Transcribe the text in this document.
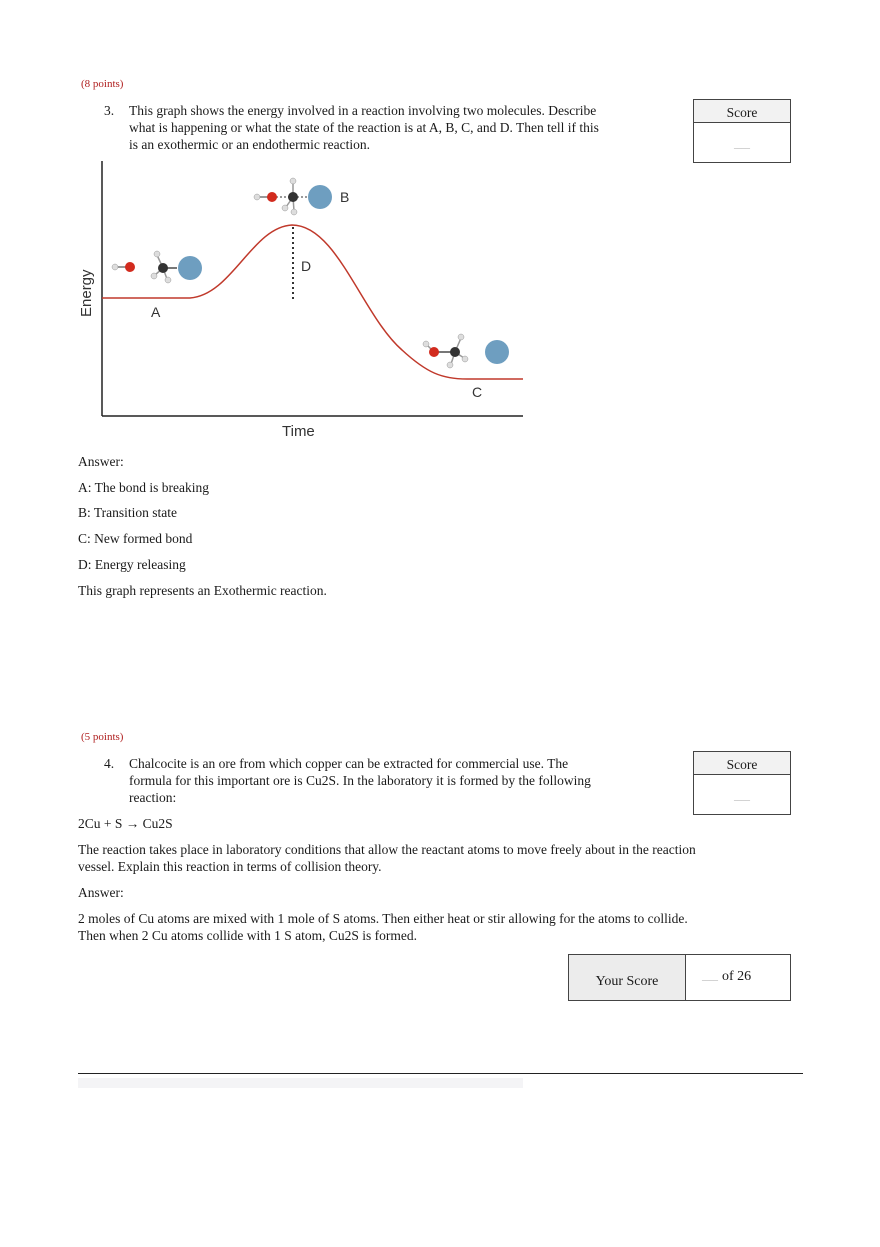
(8 points)
3. This graph shows the energy involved in a reaction involving two molecules. Describe
what is happening or what the state of the reaction is at A, B, C, and D. Then tell if this
is an exothermic or an endothermic reaction.
Score
____
A
B
C
D
Time
Energy
Answer:
A: The bond is breaking
B: Transition state
C: New formed bond
D: Energy releasing
This graph represents an Exothermic reaction.
(5 points)
4. Chalcocite is an ore from which copper can be extracted for commercial use. The
formula for this important ore is Cu2S. In the laboratory it is formed by the following
reaction:
Score
____
2Cu + S → Cu2S
The reaction takes place in laboratory conditions that allow the reactant atoms to move freely about in the reaction
vessel. Explain this reaction in terms of collision theory.
Answer:
2 moles of Cu atoms are mixed with 1 mole of S atoms. Then either heat or stir allowing for the atoms to collide.
Then when 2 Cu atoms collide with 1 S atom, Cu2S is formed.
Your Score	____ of 26
